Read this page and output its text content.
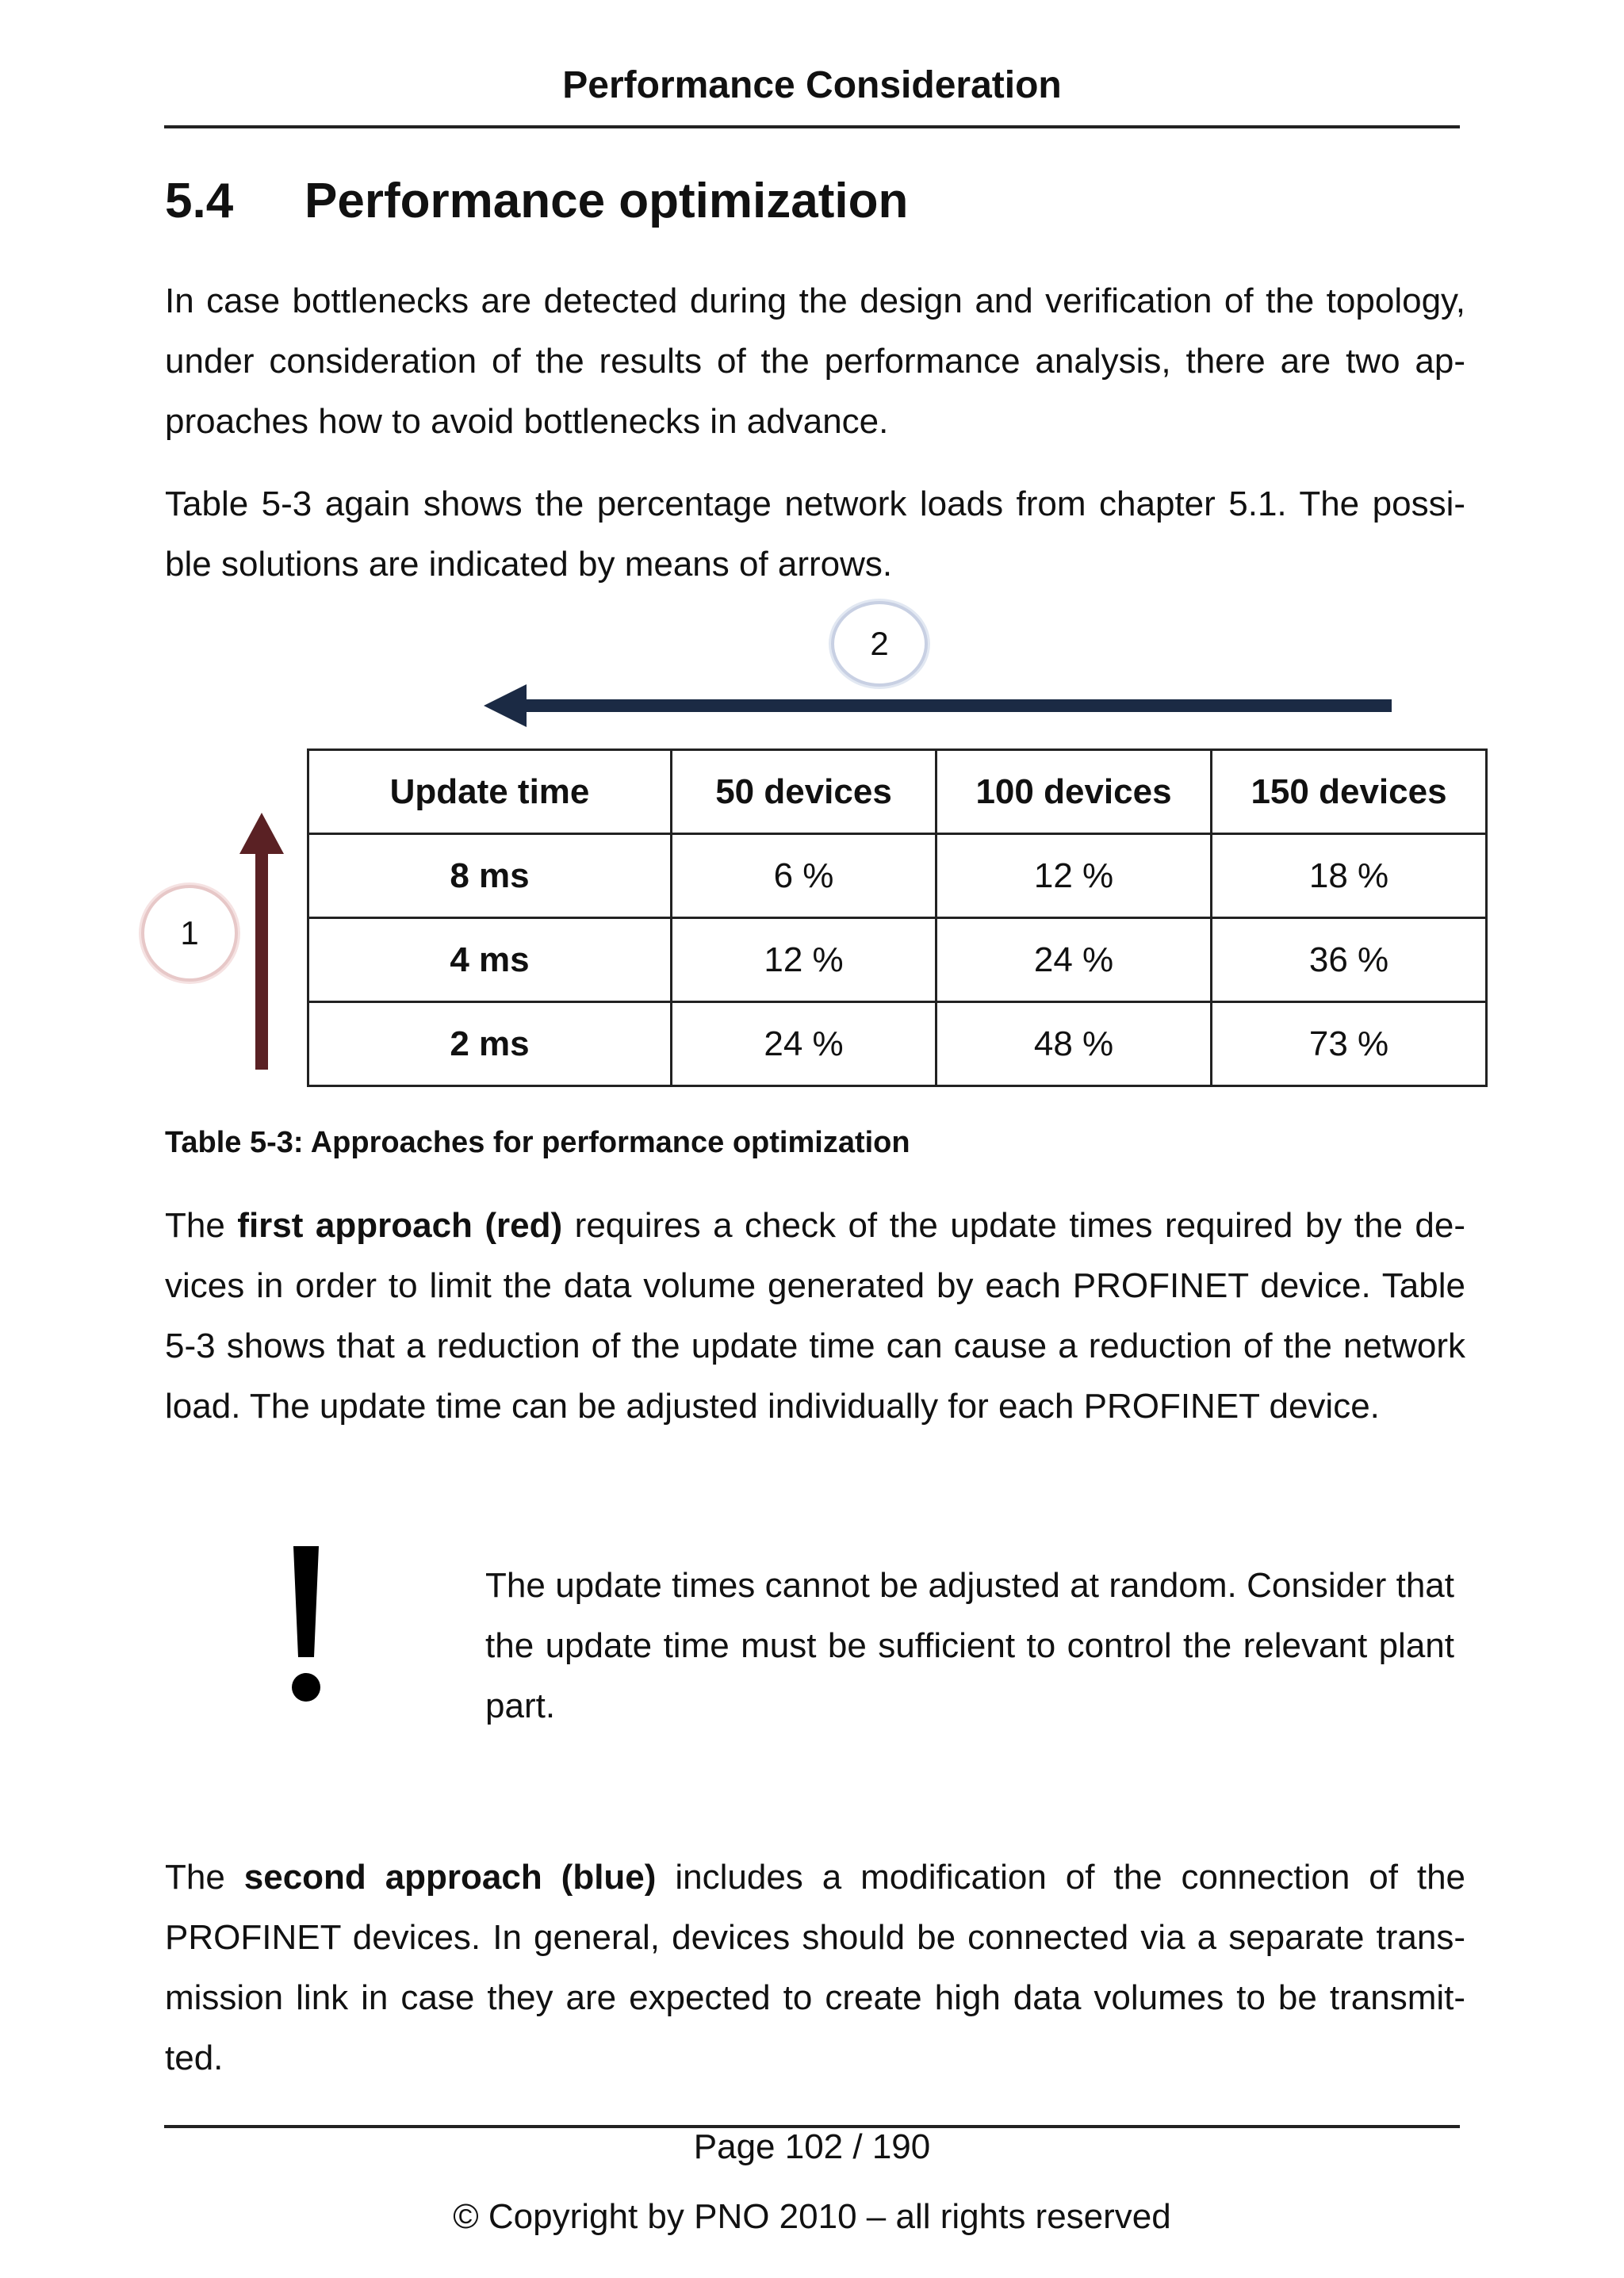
Performance Consideration
5.4 Performance optimization

In case bottlenecks are detected during the design and verification of the topology, under consideration of the results of the performance analysis, there are two ap-proaches how to avoid bottlenecks in advance.

Table 5-3 again shows the percentage network loads from chapter 5.1. The possi-ble solutions are indicated by means of arrows.

2
1
Update time	50 devices	100 devices	150 devices
8 ms	6 %	12 %	18 %
4 ms	12 %	24 %	36 %
2 ms	24 %	48 %	73 %
Table 5-3: Approaches for performance optimization

The first approach (red) requires a check of the update times required by the de-vices in order to limit the data volume generated by each PROFINET device. Table 5-3 shows that a reduction of the update time can cause a reduction of the network load. The update time can be adjusted individually for each PROFINET device.

The update times cannot be adjusted at random. Consider that the update time must be sufficient to control the relevant plant part.

The second approach (blue) includes a modification of the connection of the PROFINET devices. In general, devices should be connected via a separate trans-mission link in case they are expected to create high data volumes to be transmit-ted.

Page 102 / 190
© Copyright by PNO 2010 – all rights reserved
